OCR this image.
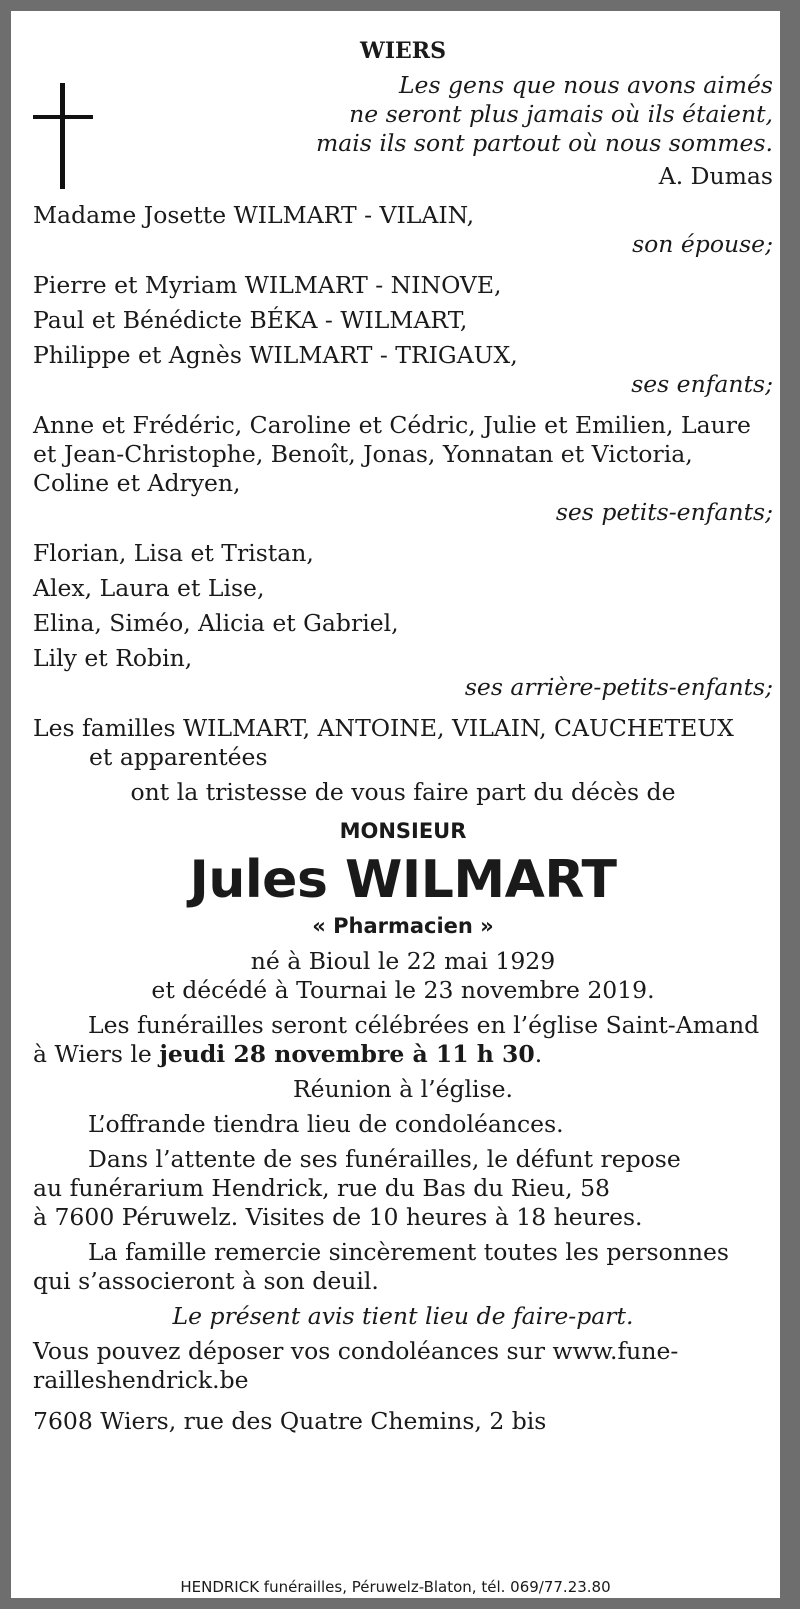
WIERS
Les gens que nous avons aimés
ne seront plus jamais où ils étaient,
mais ils sont partout où nous sommes.
A. Dumas
Madame Josette WILMART - VILAIN,
son épouse;
Pierre et Myriam WILMART - NINOVE,
Paul et Bénédicte BÉKA - WILMART,
Philippe et Agnès WILMART - TRIGAUX,
ses enfants;
Anne et Frédéric, Caroline et Cédric, Julie et Emilien, Laure
et Jean-Christophe, Benoît, Jonas, Yonnatan et Victoria,
Coline et Adryen,
ses petits-enfants;
Florian, Lisa et Tristan,
Alex, Laura et Lise,
Elina, Siméo, Alicia et Gabriel,
Lily et Robin,
ses arrière-petits-enfants;
Les familles WILMART, ANTOINE, VILAIN, CAUCHETEUX
et apparentées
ont la tristesse de vous faire part du décès de
MONSIEUR
Jules WILMART
« Pharmacien »
né à Bioul le 22 mai 1929
et décédé à Tournai le 23 novembre 2019.
Les funérailles seront célébrées en l’église Saint-Amand
à Wiers le jeudi 28 novembre à 11 h 30.
Réunion à l’église.
L’offrande tiendra lieu de condoléances.
Dans l’attente de ses funérailles, le défunt repose
au funérarium Hendrick, rue du Bas du Rieu, 58
à 7600 Péruwelz. Visites de 10 heures à 18 heures.
La famille remercie sincèrement toutes les personnes
qui s’associeront à son deuil.
Le présent avis tient lieu de faire-part.
Vous pouvez déposer vos condoléances sur www.fune-
railleshendrick.be
7608 Wiers, rue des Quatre Chemins, 2 bis
HENDRICK funérailles, Péruwelz-Blaton, tél. 069/77.23.80
